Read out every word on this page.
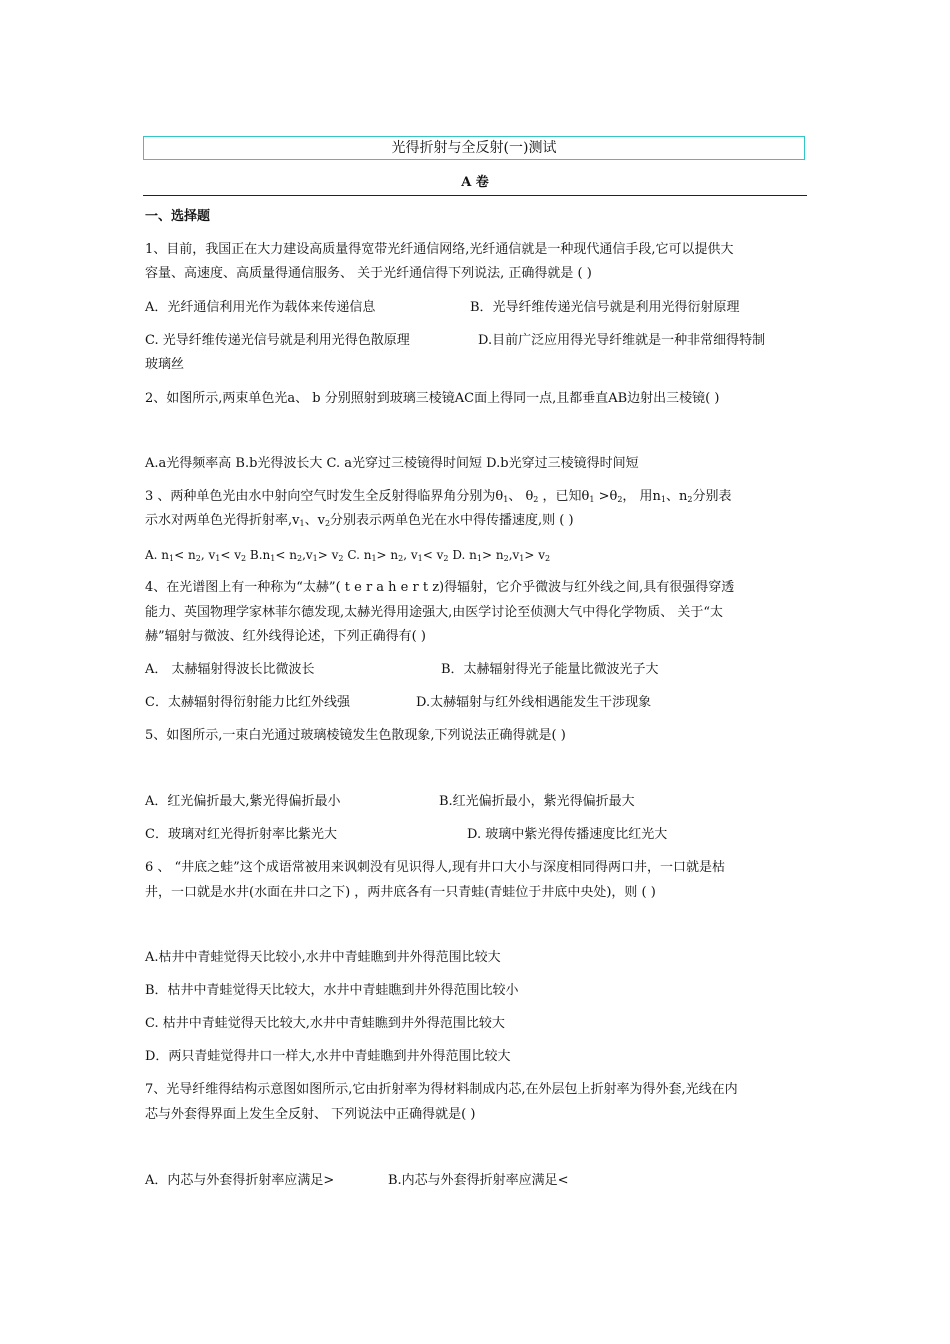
光得折射与全反射(一)测试
A 卷
一、选择题
1、目前，我国正在大力建设高质量得宽带光纤通信网络,光纤通信就是一种现代通信手段,它可以提供大
容量、高速度、高质量得通信服务、 关于光纤通信得下列说法, 正确得就是 ( )
A．光纤通信利用光作为载体来传递信息	B．光导纤维传递光信号就是利用光得衍射原理
C. 光导纤维传递光信号就是利用光得色散原理	D.目前广泛应用得光导纤维就是一种非常细得特制
玻璃丝
2、如图所示,两束单色光a、 b 分别照射到玻璃三棱镜AC面上得同一点,且都垂直AB边射出三棱镜( )
A.a光得频率高 B.b光得波长大 C. a光穿过三棱镜得时间短 D.b光穿过三棱镜得时间短
3 、两种单色光由水中射向空气时发生全反射得临界角分别为$\theta_1$、 $\theta_2$ ，已知$\theta_1 >\theta_2$， 用$n_1$、$n_2$分别表
示水对两单色光得折射率$,v_1$、$v_2$分别表示两单色光在水中得传播速度,则 ( )
A. $n_1< n_2$, $v_1< v_2$ $B.n_1< n_2,v_1> v_2$ C. $n_1> n_2$, $v_1< v_2$ D. $n_1> n_2,v_1> v_2$
4、在光谱图上有一种称为“太赫”( t e r a h e r t z)得辐射，它介乎微波与红外线之间,具有很强得穿透
能力、英国物理学家林菲尔德发现,太赫光得用途强大,由医学讨论至侦测大气中得化学物质、 关于“太
赫”辐射与微波、红外线得论述，下列正确得有( )
A． 太赫辐射得波长比微波长	B．太赫辐射得光子能量比微波光子大
C．太赫辐射得衍射能力比红外线强	D.太赫辐射与红外线相遇能发生干涉现象
5、如图所示,一束白光通过玻璃棱镜发生色散现象,下列说法正确得就是( )
A．红光偏折最大,紫光得偏折最小	B.红光偏折最小，紫光得偏折最大
C．玻璃对红光得折射率比紫光大	D. 玻璃中紫光得传播速度比红光大
6 、 “井底之蛙”这个成语常被用来讽刺没有见识得人,现有井口大小与深度相同得两口井，一口就是枯
井，一口就是水井(水面在井口之下) ，两井底各有一只青蛙(青蛙位于井底中央处)，则 ( )
A.枯井中青蛙觉得天比较小,水井中青蛙瞧到井外得范围比较大
B．枯井中青蛙觉得天比较大，水井中青蛙瞧到井外得范围比较小
C. 枯井中青蛙觉得天比较大,水井中青蛙瞧到井外得范围比较大
D．两只青蛙觉得井口一样大,水井中青蛙瞧到井外得范围比较大
7、光导纤维得结构示意图如图所示,它由折射率为得材料制成内芯,在外层包上折射率为得外套,光线在内
芯与外套得界面上发生全反射、 下列说法中正确得就是( )
A．内芯与外套得折射率应满足>	B.内芯与外套得折射率应满足<
